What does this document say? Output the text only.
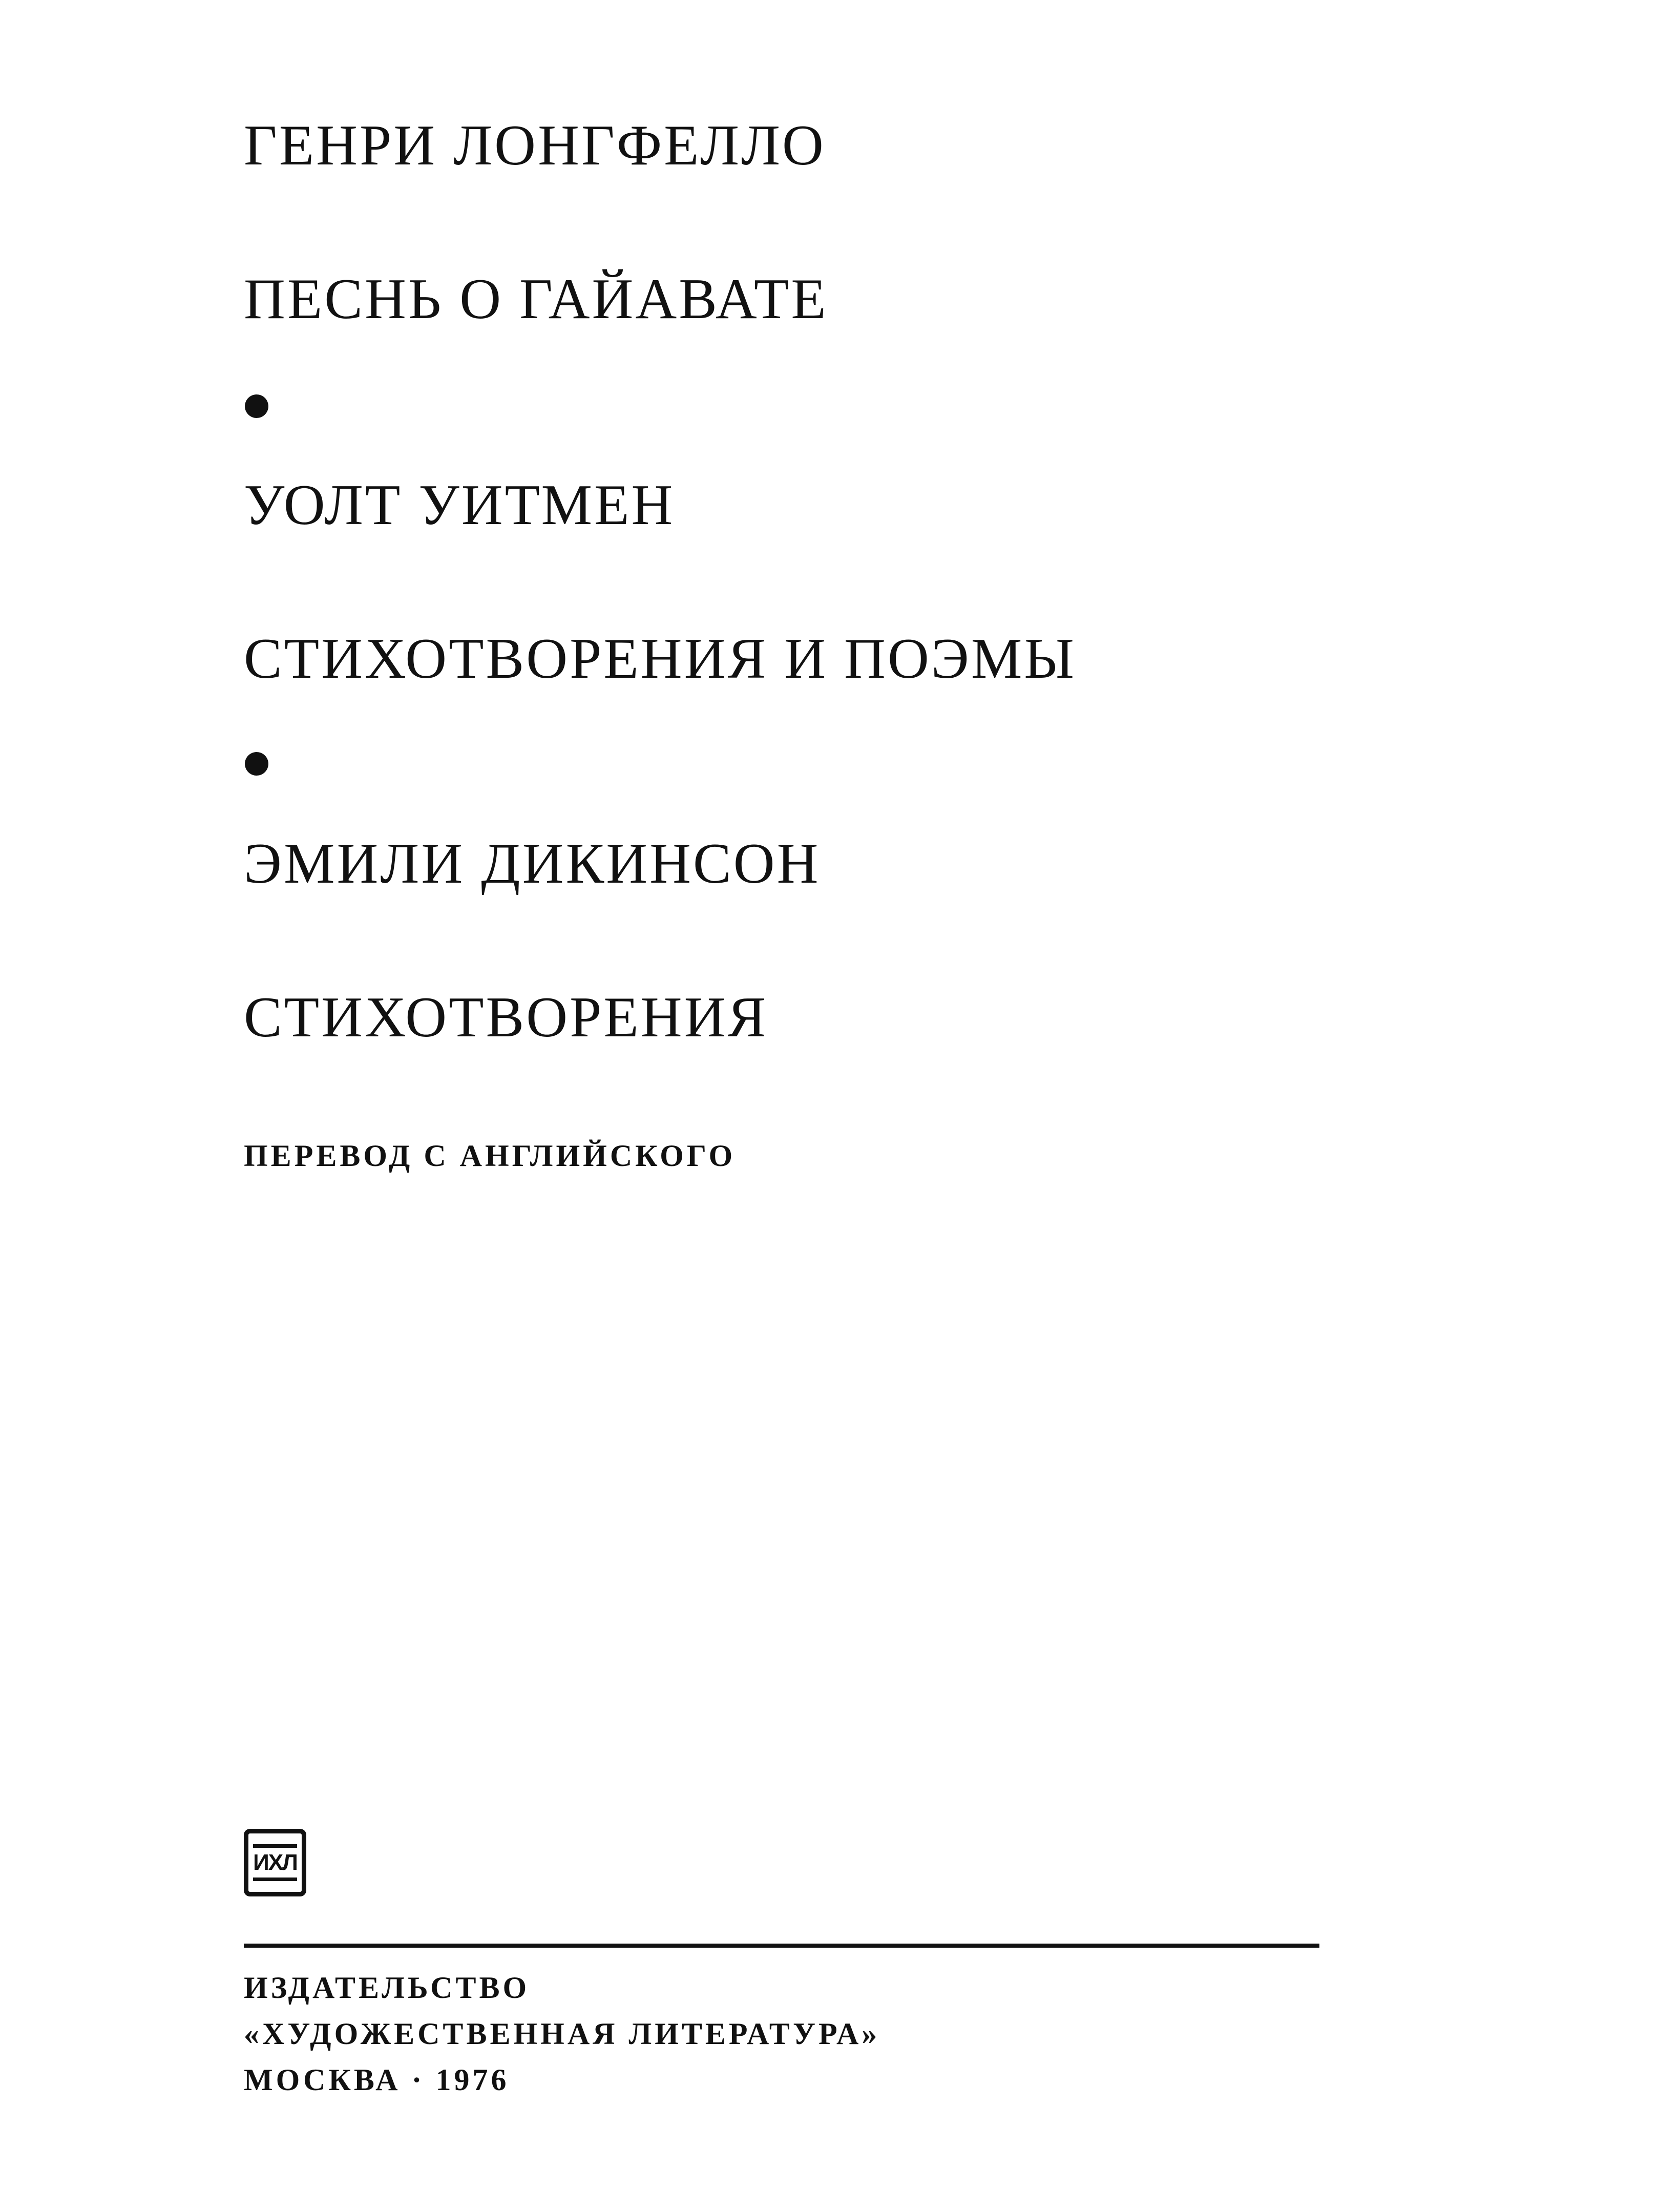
ГЕНРИ ЛОНГФЕЛЛО
ПЕСНЬ О ГАЙАВАТЕ
УОЛТ УИТМЕН
СТИХОТВОРЕНИЯ И ПОЭМЫ
ЭМИЛИ ДИКИНСОН
СТИХОТВОРЕНИЯ
ПЕРЕВОД С АНГЛИЙСКОГО
ИХЛ
ИЗДАТЕЛЬСТВО
«ХУДОЖЕСТВЕННАЯ ЛИТЕРАТУРА»
МОСКВА · 1976
